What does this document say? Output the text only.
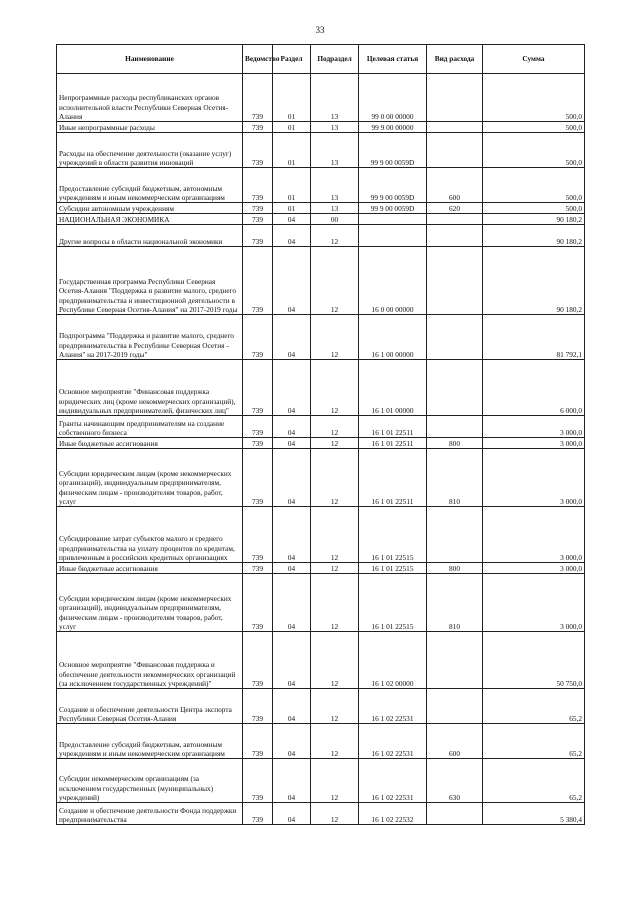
33
Наименование	Ведомство	Раздел	Подраздел	Целевая статья	Вид расхода	Сумма
Непрограммные расходы республиканских органов исполнительной власти Республики Северная Осетия-Алания	739	01	13	99 0 00 00000		500,0
Иные непрограммные расходы	739	01	13	99 9 00 00000		500,0
Расходы на обеспечение деятельности (оказание услуг) учреждений в области развития инноваций	739	01	13	99 9 00 0059D		500,0
Предоставление субсидий бюджетным, автономным учреждениям и иным некоммерческим организациям	739	01	13	99 9 00 0059D	600	500,0
Субсидии автономным учреждениям	739	01	13	99 9 00 0059D	620	500,0
НАЦИОНАЛЬНАЯ ЭКОНОМИКА	739	04	00			90 180,2
Другие вопросы в области национальной экономики	739	04	12			90 180,2
Государственная программа Республики Северная Осетия-Алания "Поддержка и развитие малого, среднего предпринимательства и инвестиционной деятельности в Республике Северная Осетия-Алания" на 2017-2019 годы	739	04	12	16 0 00 00000		90 180,2
Подпрограмма "Поддержка и развитие малого, среднего предпринимательства в Республике Северная Осетия - Алания" на 2017-2019 годы"	739	04	12	16 1 00 00000		81 792,1
Основное мероприятие "Финансовая поддержка юридических лиц (кроме некоммерческих организаций), индивидуальных предпринимателей, физических лиц"	739	04	12	16 1 01 00000		6 000,0
Гранты начинающим предпринимателям на создание собственного бизнеса	739	04	12	16 1 01 22511		3 000,0
Иные бюджетные ассигнования	739	04	12	16 1 01 22511	800	3 000,0
Субсидии юридическим лицам (кроме некоммерческих организаций), индивидуальным предпринимателям, физическим лицам - производителям товаров, работ, услуг	739	04	12	16 1 01 22511	810	3 000,0
Субсидирование затрат субъектов малого и среднего предпринимательства на уплату процентов по кредитам, привлеченным в российских кредитных организациях	739	04	12	16 1 01 22515		3 000,0
Иные бюджетные ассигнования	739	04	12	16 1 01 22515	800	3 000,0
Субсидии юридическим лицам (кроме некоммерческих организаций), индивидуальным предпринимателям, физическим лицам - производителям товаров, работ, услуг	739	04	12	16 1 01 22515	810	3 000,0
Основное мероприятие "Финансовая поддержка и обеспечение деятельности некоммерческих организаций (за исключением государственных учреждений)"	739	04	12	16 1 02 00000		50 750,0
Создание и обеспечение деятельности Центра экспорта Республики Северная Осетия-Алания	739	04	12	16 1 02 22531		65,2
Предоставление субсидий бюджетным, автономным учреждениям и иным некоммерческим организациям	739	04	12	16 1 02 22531	600	65,2
Субсидии некоммерческим организациям (за исключением государственных (муниципальных) учреждений)	739	04	12	16 1 02 22531	630	65,2
Создание и обеспечение деятельности Фонда поддержки предпринимательства	739	04	12	16 1 02 22532		5 380,4
